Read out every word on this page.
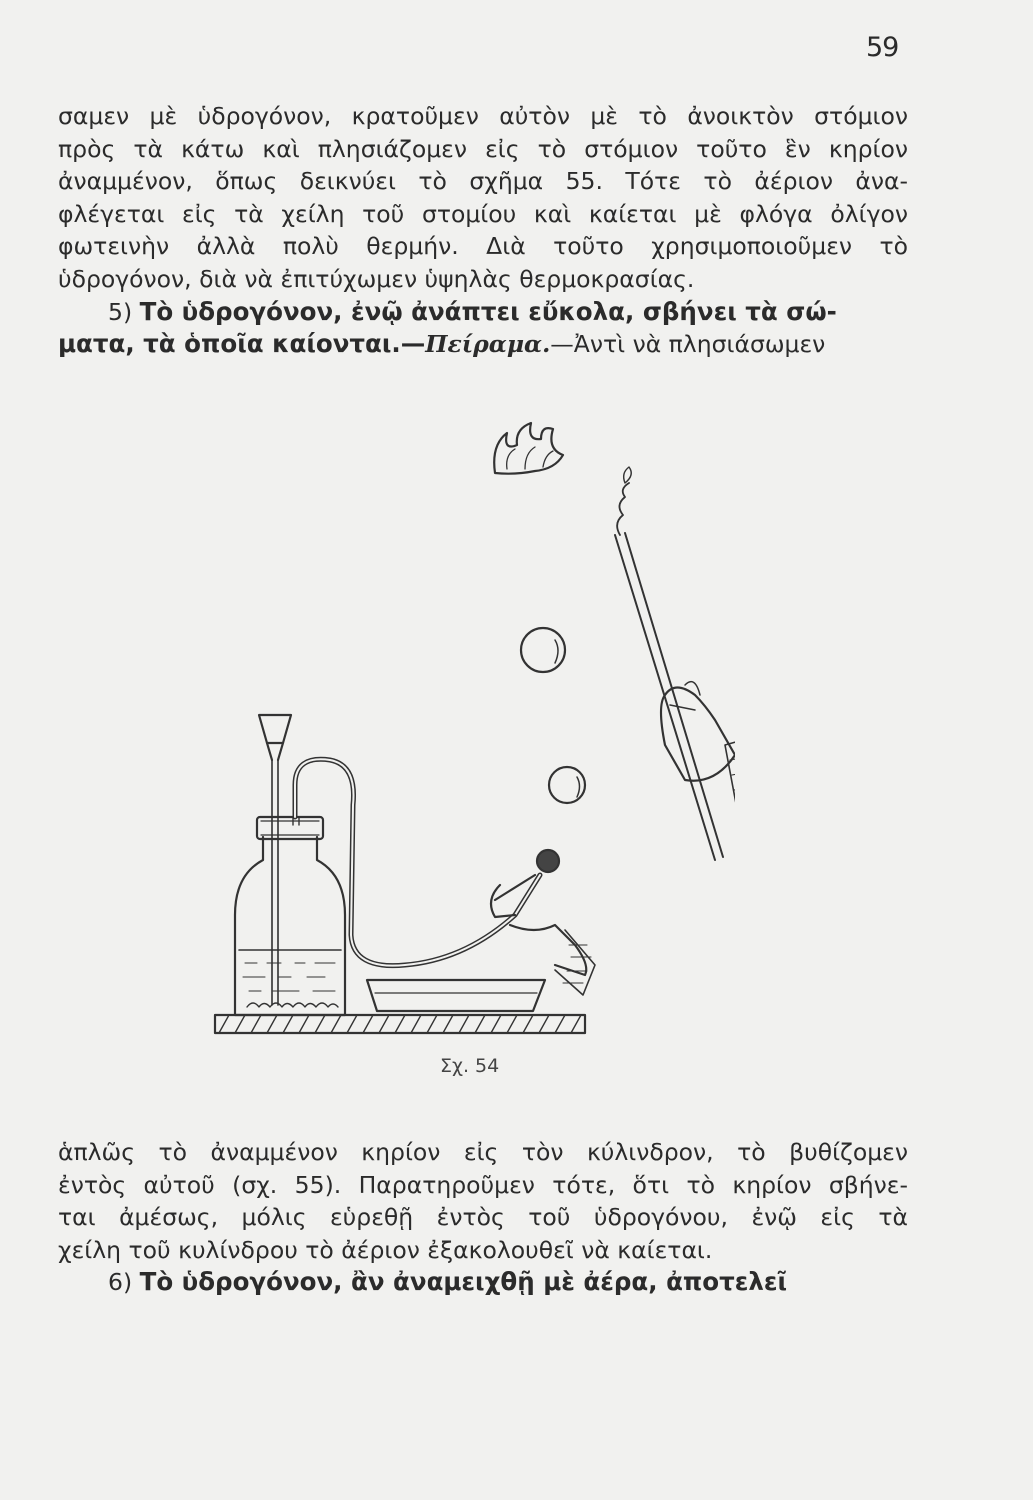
59
σαμεν μὲ ὑδρογόνον, κρατοῦμεν αὐτὸν μὲ τὸ ἀνοικτὸν στόμιον
πρὸς τὰ κάτω καὶ πλησιάζομεν εἰς τὸ στόμιον τοῦτο ἓν κηρίον
ἀναμμένον, ὅπως δεικνύει τὸ σχῆμα 55. Τότε τὸ ἀέριον ἀνα-
φλέγεται εἰς τὰ χείλη τοῦ στομίου καὶ καίεται μὲ φλόγα ὀλίγον
φωτεινὴν ἀλλὰ πολὺ θερμήν. Διὰ τοῦτο χρησιμοποιοῦμεν τὸ
ὑδρογόνον, διὰ νὰ ἐπιτύχωμεν ὑψηλὰς θερμοκρασίας.
5) Τὸ ὑδρογόνον, ἐνῷ ἀνάπτει εὔκολα, σβήνει τὰ σώ-
ματα, τὰ ὁποῖα καίονται.—Πείραμα.—Ἀντὶ νὰ πλησιάσωμεν
Σχ. 54
ἁπλῶς τὸ ἀναμμένον κηρίον εἰς τὸν κύλινδρον, τὸ βυθίζομεν
ἐντὸς αὐτοῦ (σχ. 55). Παρατηροῦμεν τότε, ὅτι τὸ κηρίον σβήνε-
ται ἀμέσως, μόλις εὑρεθῇ ἐντὸς τοῦ ὑδρογόνου, ἐνῷ εἰς τὰ
χείλη τοῦ κυλίνδρου τὸ ἀέριον ἐξακολουθεῖ νὰ καίεται.
6) Τὸ ὑδρογόνον, ἂν ἀναμειχθῇ μὲ ἀέρα, ἀποτελεῖ
